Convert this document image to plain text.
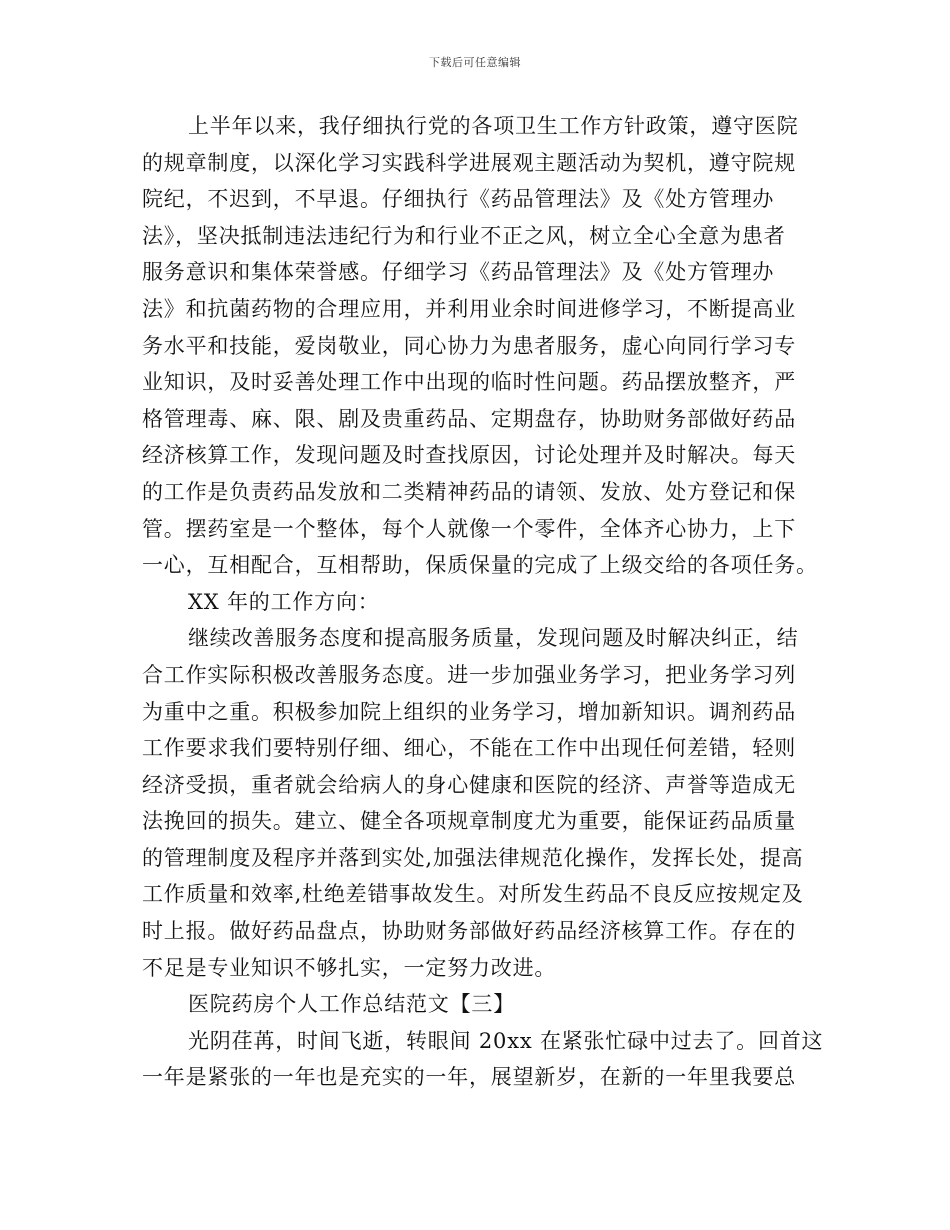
下载后可任意编辑
上半年以来，我仔细执行党的各项卫生工作方针政策，遵守医院
的规章制度，以深化学习实践科学进展观主题活动为契机，遵守院规
院纪，不迟到，不早退。仔细执行《药品管理法》及《处方管理办
法》，坚决抵制违法违纪行为和行业不正之风，树立全心全意为患者
服务意识和集体荣誉感。仔细学习《药品管理法》及《处方管理办
法》和抗菌药物的合理应用，并利用业余时间进修学习，不断提高业
务水平和技能，爱岗敬业，同心协力为患者服务，虚心向同行学习专
业知识，及时妥善处理工作中出现的临时性问题。药品摆放整齐，严
格管理毒、麻、限、剧及贵重药品、定期盘存，协助财务部做好药品
经济核算工作，发现问题及时查找原因，讨论处理并及时解决。每天
的工作是负责药品发放和二类精神药品的请领、发放、处方登记和保
管。摆药室是一个整体，每个人就像一个零件，全体齐心协力，上下
一心，互相配合，互相帮助，保质保量的完成了上级交给的各项任务。
XX 年的工作方向：
继续改善服务态度和提高服务质量，发现问题及时解决纠正，结
合工作实际积极改善服务态度。进一步加强业务学习，把业务学习列
为重中之重。积极参加院上组织的业务学习，增加新知识。调剂药品
工作要求我们要特别仔细、细心，不能在工作中出现任何差错，轻则
经济受损，重者就会给病人的身心健康和医院的经济、声誉等造成无
法挽回的损失。建立、健全各项规章制度尤为重要，能保证药品质量
的管理制度及程序并落到实处,加强法律规范化操作，发挥长处，提高
工作质量和效率,杜绝差错事故发生。对所发生药品不良反应按规定及
时上报。做好药品盘点，协助财务部做好药品经济核算工作。存在的
不足是专业知识不够扎实，一定努力改进。
医院药房个人工作总结范文【三】
光阴荏苒，时间飞逝，转眼间 20xx 在紧张忙碌中过去了。回首这
一年是紧张的一年也是充实的一年，展望新岁，在新的一年里我要总
